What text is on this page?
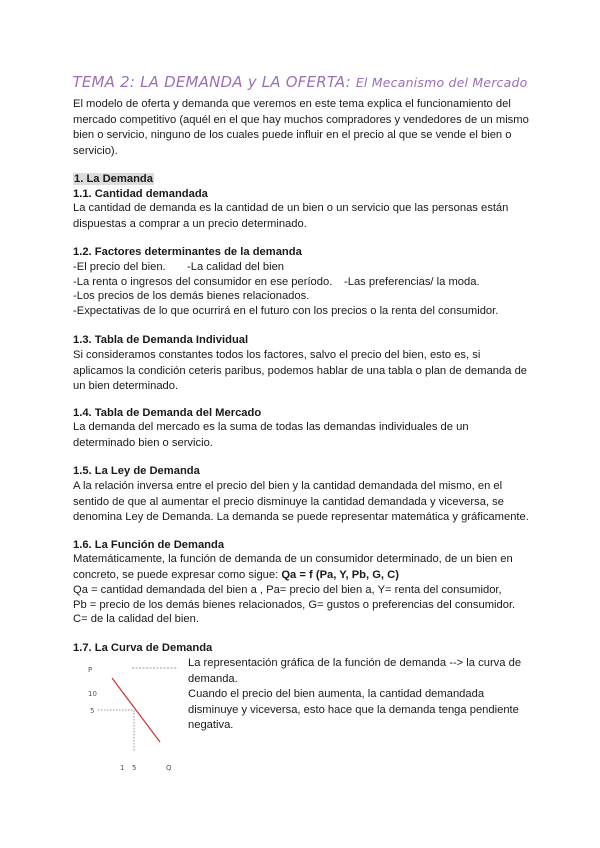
TEMA 2: LA DEMANDA y LA OFERTA: El Mecanismo del Mercado

El modelo de oferta y demanda que veremos en este tema explica el funcionamiento del mercado competitivo (aquél en el que hay muchos compradores y vendedores de un mismo bien o servicio, ninguno de los cuales puede influir en el precio al que se vende el bien o servicio).

1. La Demanda
1.1. Cantidad demandada

La cantidad de demanda es la cantidad de un bien o un servicio que las personas están dispuestas a comprar a un precio determinado.

1.2. Factores determinantes de la demanda
-El precio del bien. -La calidad del bien
-La renta o ingresos del consumidor en ese período. -Las preferencias/ la moda.
-Los precios de los demás bienes relacionados.
-Expectativas de lo que ocurrirá en el futuro con los precios o la renta del consumidor.
1.3. Tabla de Demanda Individual

Si consideramos constantes todos los factores, salvo el precio del bien, esto es, si aplicamos la condición ceteris paribus, podemos hablar de una tabla o plan de demanda de un bien determinado.

1.4. Tabla de Demanda del Mercado

La demanda del mercado es la suma de todas las demandas individuales de un determinado bien o servicio.

1.5. La Ley de Demanda

A la relación inversa entre el precio del bien y la cantidad demandada del mismo, en el sentido de que al aumentar el precio disminuye la cantidad demandada y viceversa, se denomina Ley de Demanda. La demanda se puede representar matemática y gráficamente.

1.6. La Función de Demanda

Matemáticamente, la función de demanda de un consumidor determinado, de un bien en concreto, se puede expresar como sigue: Qa = f (Pa, Y, Pb, G, C)

Qa = cantidad demandada del bien a , Pa= precio del bien a, Y= renta del consumidor,
Pb = precio de los demás bienes relacionados, G= gustos o preferencias del consumidor.
C= de la calidad del bien.
1.7. La Curva de Demanda
La representación gráfica de la función de demanda --> la curva de demanda.
Cuando el precio del bien aumenta, la cantidad demandada disminuye y viceversa, esto hace que la demanda tenga pendiente negativa.
P
10
5
1 5	Q
